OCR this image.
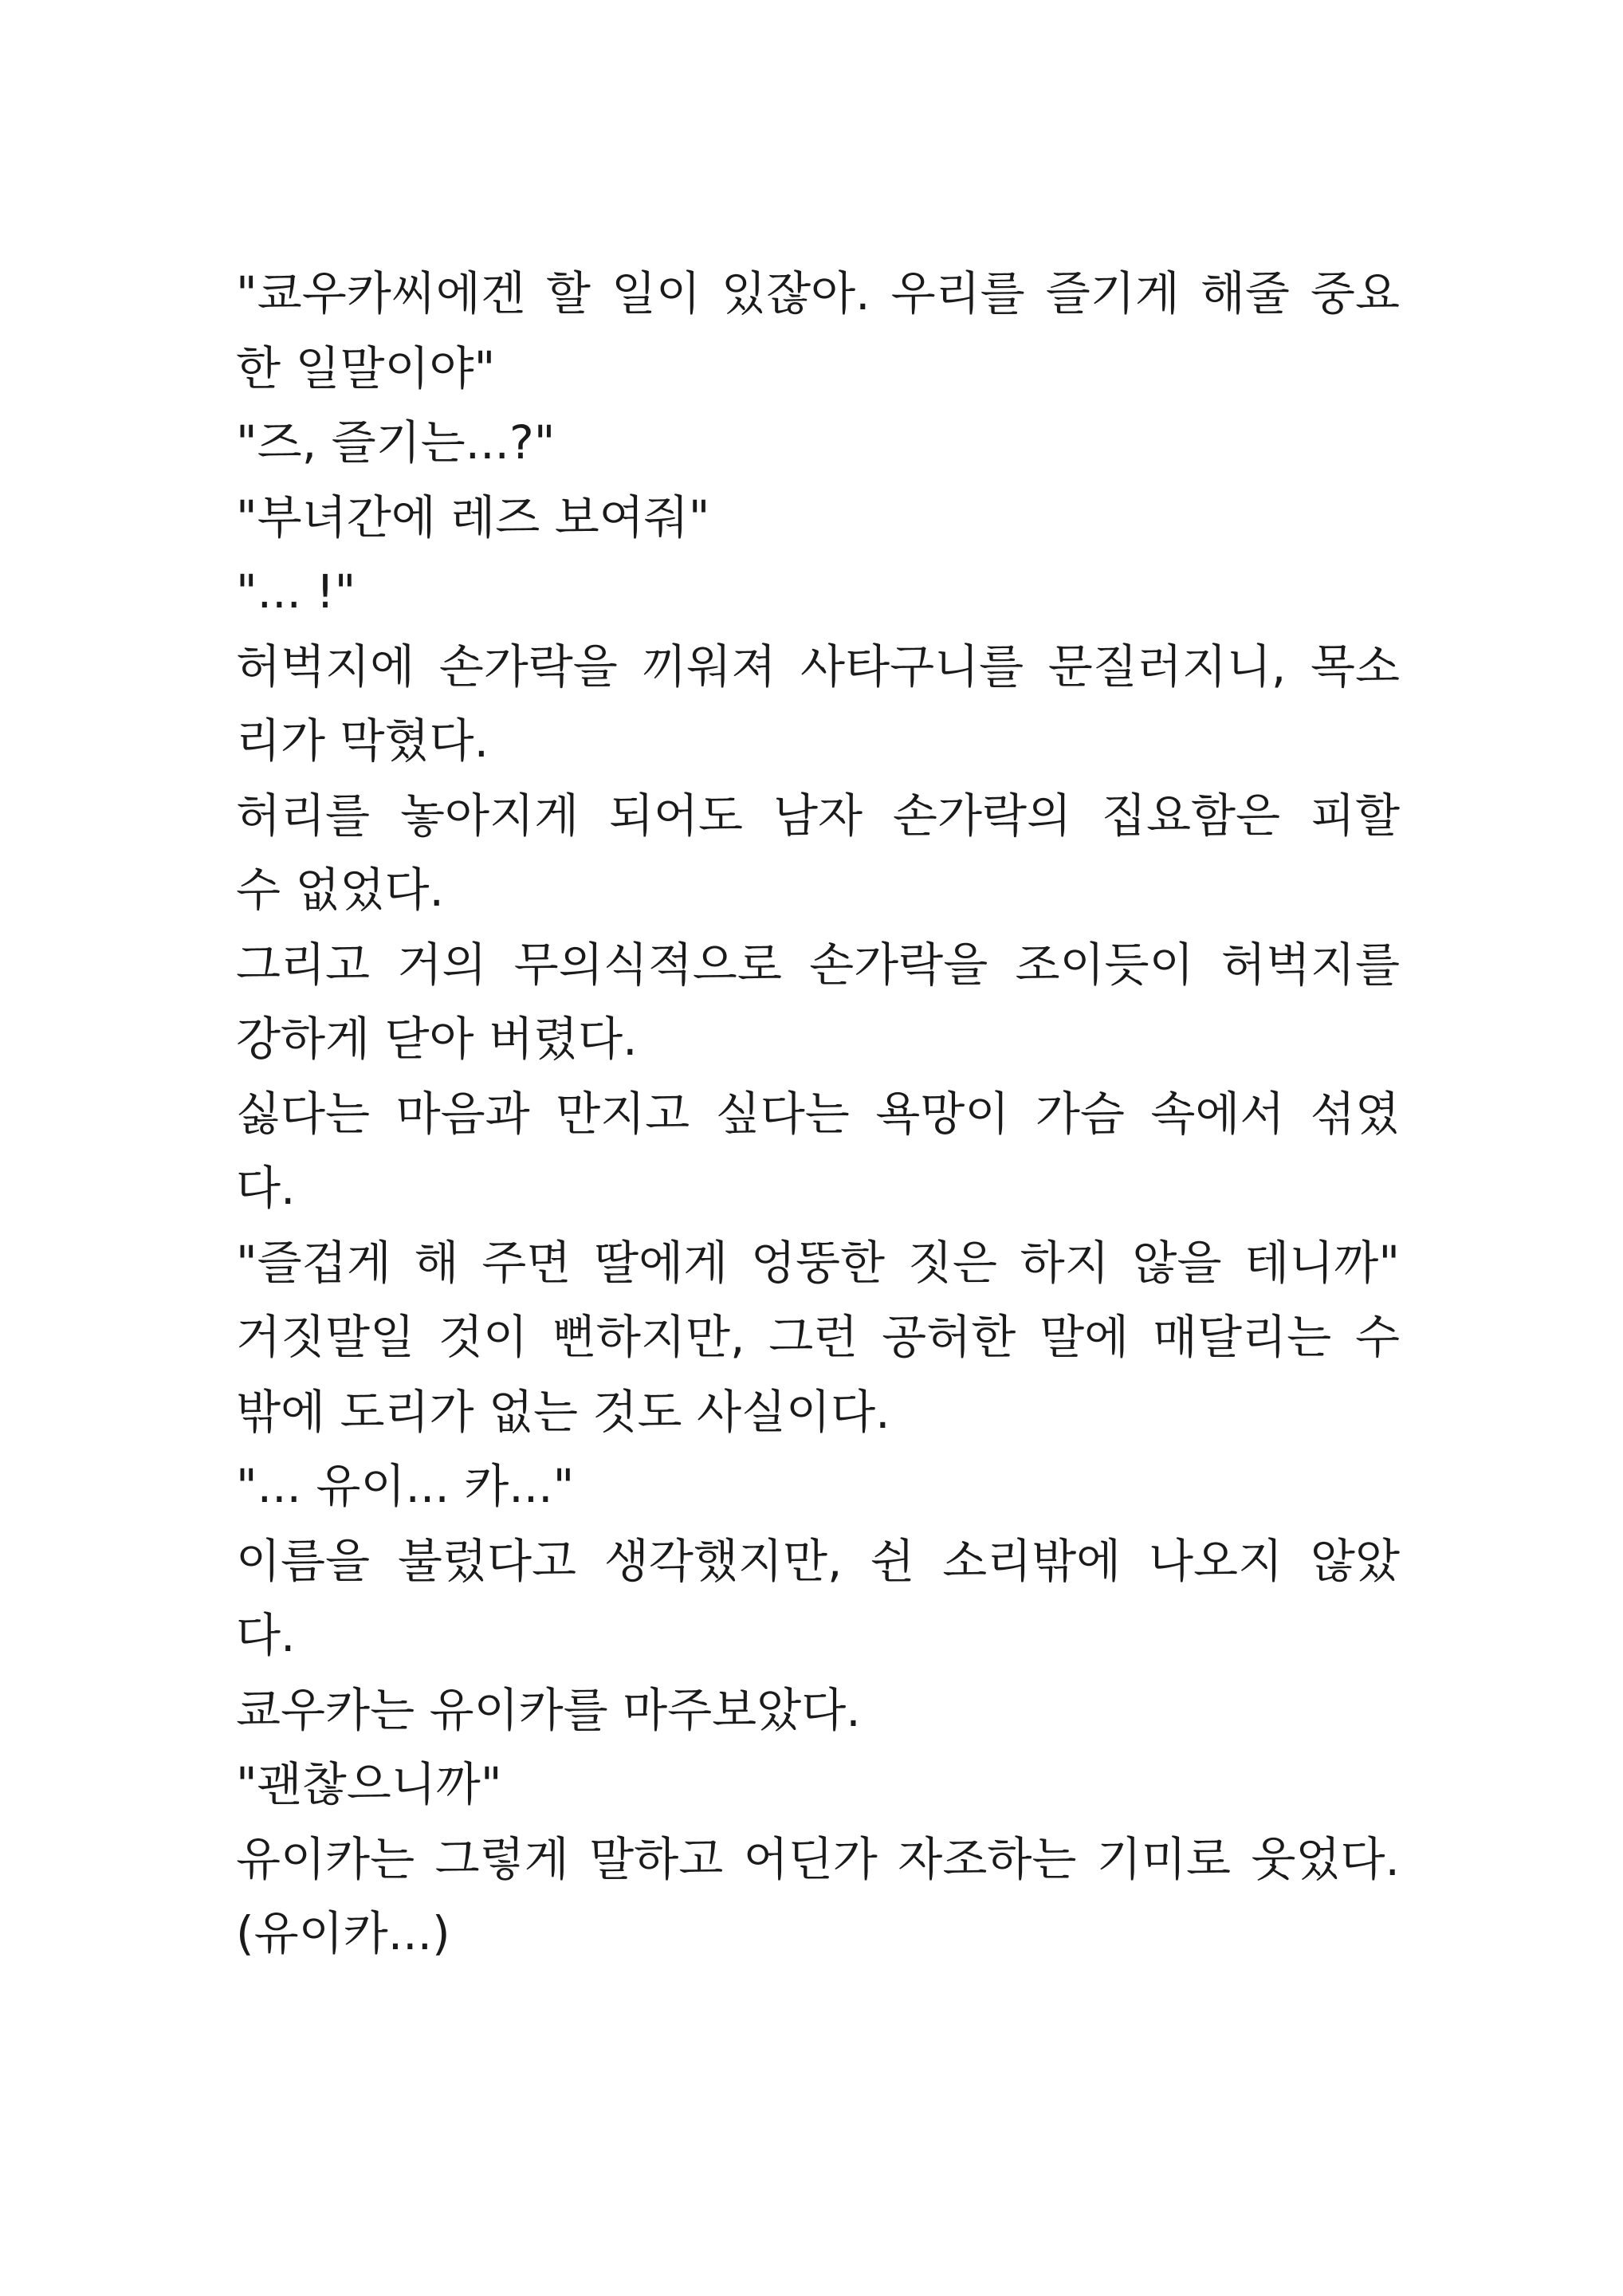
"쿄우카씨에겐 할 일이 있잖아. 우리를 즐기게 해줄 중요
한 일말이야"
"즈, 즐기는...?"
"부녀간에 레즈 보여줘"
"... !"
허벅지에 손가락을 끼워져 사타구니를 문질러지니, 목소
리가 막혔다.
허리를 놓아지게 되어도 남자 손가락의 집요함은 피할
수 없었다.
그리고 거의 무의식적으로 손가락을 조이듯이 허벅지를
강하게 닫아 버렸다.
싫다는 마음과 만지고 싶다는 욕망이 가슴 속에서 섞였
다.
"즐겁게 해 주면 딸에게 엉뚱한 짓은 하지 않을 테니까"
거짓말일 것이 뻔하지만, 그런 공허한 말에 매달리는 수
밖에 도리가 없는 것도 사실이다.
"... 유이... 카..."
이름을 불렀다고 생각했지만, 쉰 소리밖에 나오지 않았
다.
쿄우카는 유이카를 마주보았다.
"괜찮으니까"
유이카는 그렇게 말하고 어딘가 자조하는 기미로 웃었다.
(유이카...)
